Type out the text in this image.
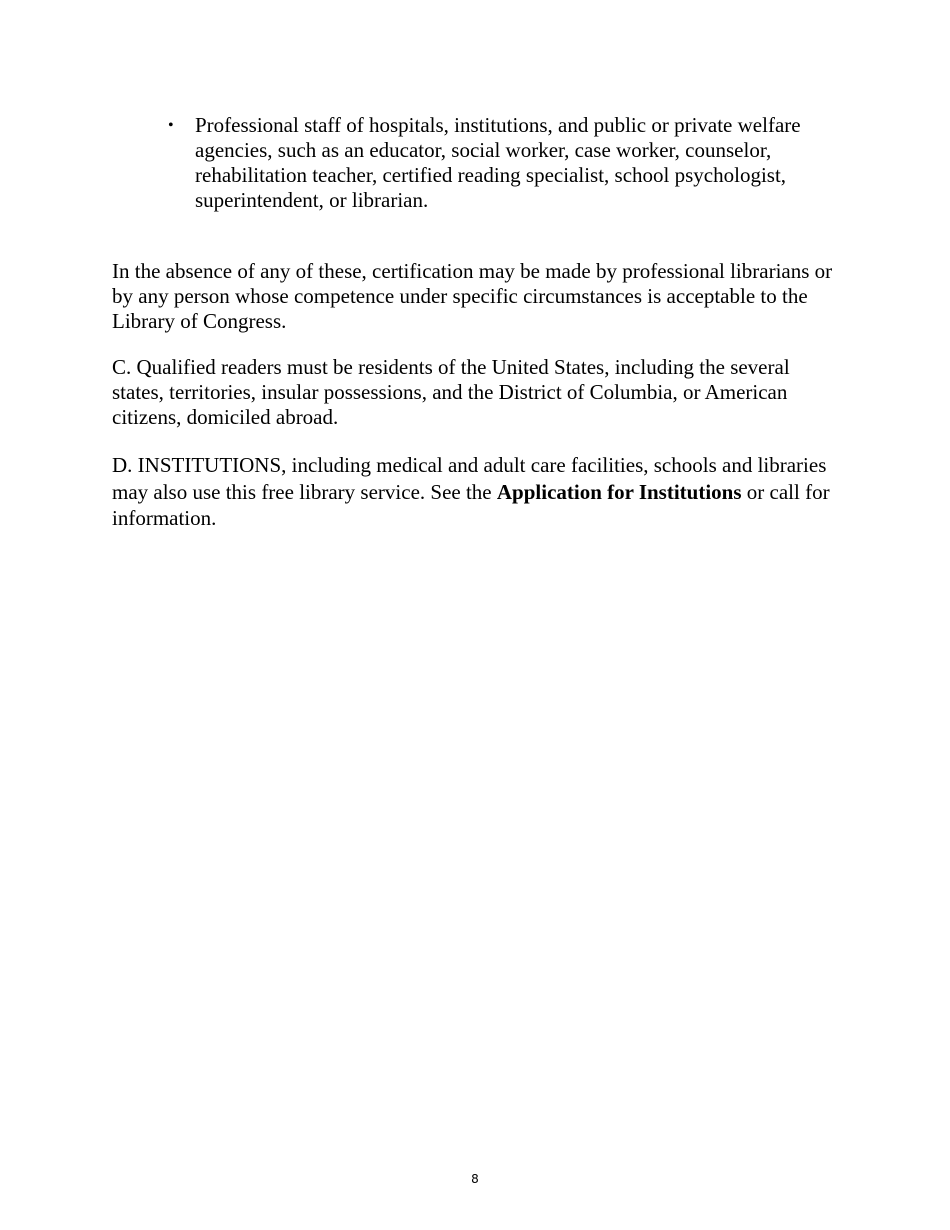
• Professional staff of hospitals, institutions, and public or private welfare agencies, such as an educator, social worker, case worker, counselor, rehabilitation teacher, certified reading specialist, school psychologist, superintendent, or librarian.

In the absence of any of these, certification may be made by professional librarians or by any person whose competence under specific circumstances is acceptable to the Library of Congress.

C. Qualified readers must be residents of the United States, including the several states, territories, insular possessions, and the District of Columbia, or American citizens, domiciled abroad.

D. INSTITUTIONS, including medical and adult care facilities, schools and libraries may also use this free library service. See the Application for Institutions or call for information.

8
